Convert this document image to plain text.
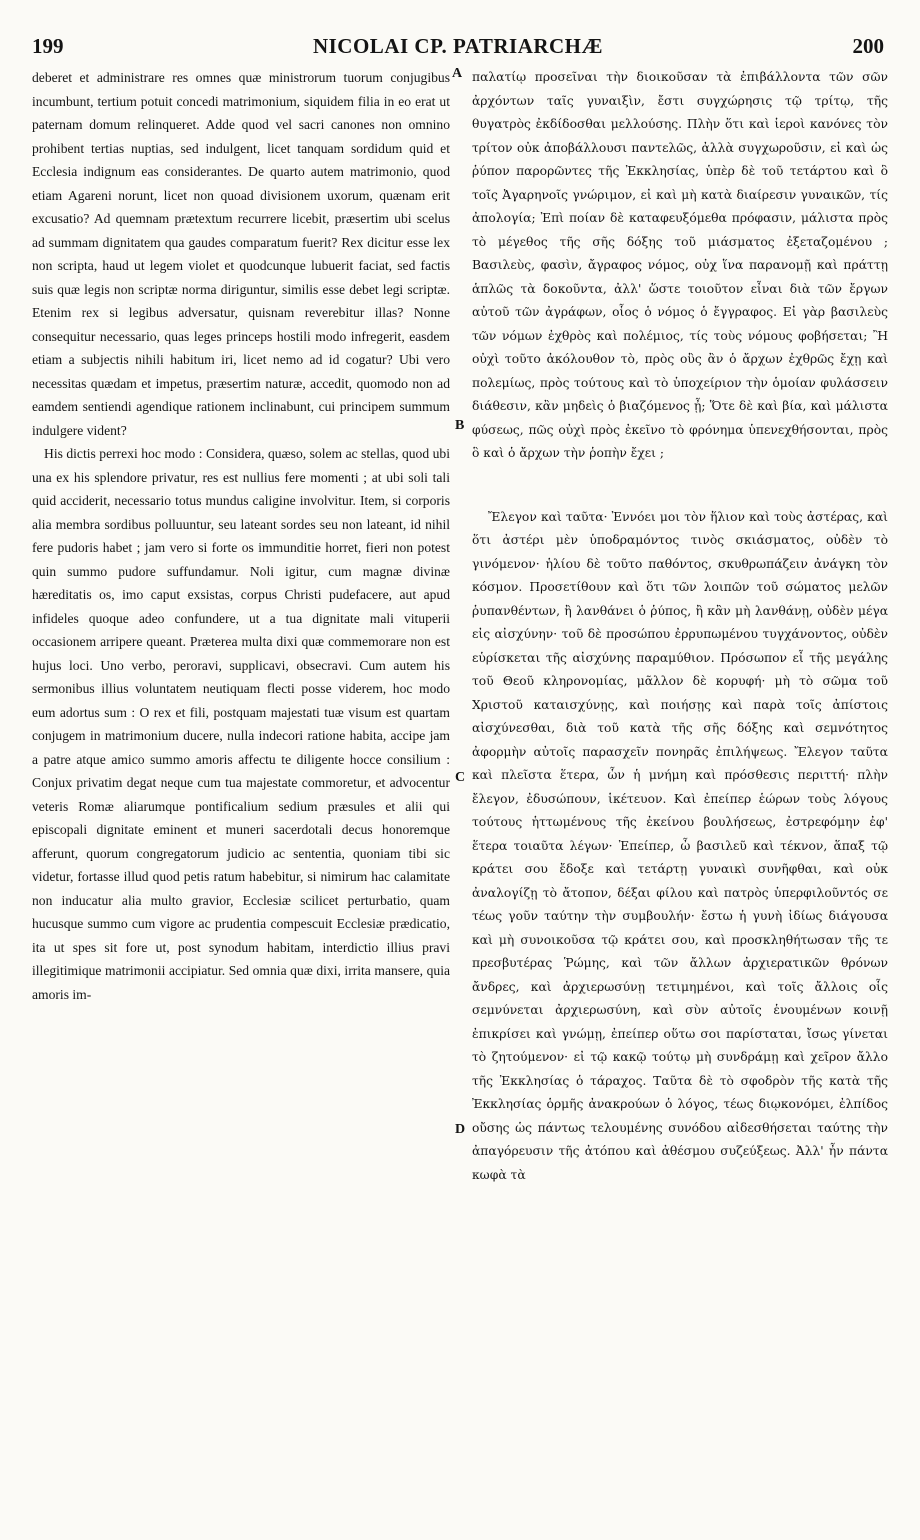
199	NICOLAI CP. PATRIARCHÆ	200

deberet et administrare res omnes quæ ministrorum tuorum conjugibus incumbunt, tertium potuit concedi matrimonium, siquidem filia in eo erat ut paternam domum relinqueret. Adde quod vel sacri canones non omnino prohibent tertias nuptias, sed indulgent, licet tanquam sordidum quid et Ecclesia indignum eas considerantes. De quarto autem matrimonio, quod etiam Agareni norunt, licet non quoad divisionem uxorum, quænam erit excusatio? Ad quemnam prætextum recurrere licebit, præsertim ubi scelus ad summam dignitatem qua gaudes comparatum fuerit? Rex dicitur esse lex non scripta, haud ut legem violet et quodcunque lubuerit faciat, sed factis suis quæ legis non scriptæ norma diriguntur, similis esse debet legi scriptæ. Etenim rex si legibus adversatur, quisnam reverebitur illas? Nonne consequitur necessario, quas leges princeps hostili modo infregerit, easdem etiam a subjectis nihili habitum iri, licet nemo ad id cogatur? Ubi vero necessitas quædam et impetus, præsertim naturæ, accedit, quomodo non ad eamdem sentiendi agendique rationem inclinabunt, cui principem summum indulgere vident?

His dictis perrexi hoc modo : Considera, quæso, solem ac stellas, quod ubi una ex his splendore privatur, res est nullius fere momenti ; at ubi soli tali quid acciderit, necessario totus mundus caligine involvitur. Item, si corporis alia membra sordibus polluuntur, seu lateant sordes seu non lateant, id nihil fere pudoris habet ; jam vero si forte os immunditie horret, fieri non potest quin summo pudore suffundamur. Noli igitur, cum magnæ divinæ hæreditatis os, imo caput exsistas, corpus Christi pudefacere, aut apud infideles quoque adeo confundere, ut a tua dignitate mali vituperii occasionem arripere queant. Præterea multa dixi quæ commemorare non est hujus loci. Uno verbo, peroravi, supplicavi, obsecravi. Cum autem his sermonibus illius voluntatem neutiquam flecti posse viderem, hoc modo eum adortus sum : O rex et fili, postquam majestati tuæ visum est quartam conjugem in matrimonium ducere, nulla indecori ratione habita, accipe jam a patre atque amico summo amoris affectu te diligente hocce consilium : Conjux privatim degat neque cum tua majestate commoretur, et advocentur veteris Romæ aliarumque pontificalium sedium præsules et alii qui episcopali dignitate eminent et muneri sacerdotali decus honoremque afferunt, quorum congregatorum judicio ac sententia, quoniam tibi sic videtur, fortasse illud quod petis ratum habebitur, si nimirum hac calamitate non inducatur alia multo gravior, Ecclesiæ scilicet perturbatio, quam hucusque summo cum vigore ac prudentia compescuit Ecclesiæ prædicatio, ita ut spes sit fore ut, post synodum habitam, interdictio illius pravi illegitimique matrimonii accipiatur. Sed omnia quæ dixi, irrita mansere, quia amoris im-

A
B
C
D

παλατίῳ προσεῖναι τὴν διοικοῦσαν τὰ ἐπιβάλλοντα τῶν σῶν ἀρχόντων ταῖς γυναιξὶν, ἔστι συγχώρησις τῷ τρίτῳ, τῆς θυγατρὸς ἐκδίδοσθαι μελλούσης. Πλὴν ὅτι καὶ ἱεροὶ κανόνες τὸν τρίτον οὐκ ἀποβάλλουσι παντελῶς, ἀλλὰ συγχωροῦσιν, εἰ καὶ ὡς ῥύπον παρορῶντες τῆς Ἐκκλησίας, ὑπὲρ δὲ τοῦ τετάρτου καὶ ὃ τοῖς Ἀγαρηνοῖς γνώριμον, εἰ καὶ μὴ κατὰ διαίρεσιν γυναικῶν, τίς ἀπολογία; Ἐπὶ ποίαν δὲ καταφευξόμεθα πρόφασιν, μάλιστα πρὸς τὸ μέγεθος τῆς σῆς δόξης τοῦ μιάσματος ἐξεταζομένου ; Βασιλεὺς, φασὶν, ἄγραφος νόμος, οὐχ ἵνα παρανομῇ καὶ πράττῃ ἁπλῶς τὰ δοκοῦντα, ἀλλ' ὥστε τοιοῦτον εἶναι διὰ τῶν ἔργων αὐτοῦ τῶν ἀγράφων, οἷος ὁ νόμος ὁ ἔγγραφος. Εἰ γὰρ βασιλεὺς τῶν νόμων ἐχθρὸς καὶ πολέμιος, τίς τοὺς νόμους φοβήσεται; Ἢ οὐχὶ τοῦτο ἀκόλουθον τὸ, πρὸς οὓς ἂν ὁ ἄρχων ἐχθρῶς ἔχῃ καὶ πολεμίως, πρὸς τούτους καὶ τὸ ὑποχείριον τὴν ὁμοίαν φυλάσσειν διάθεσιν, κἂν μηδεὶς ὁ βιαζόμενος ᾖ; Ὅτε δὲ καὶ βία, καὶ μάλιστα φύσεως, πῶς οὐχὶ πρὸς ἐκεῖνο τὸ φρόνημα ὑπενεχθήσονται, πρὸς ὃ καὶ ὁ ἄρχων τὴν ῥοπὴν ἔχει ;

Ἔλεγον καὶ ταῦτα· Ἐννόει μοι τὸν ἥλιον καὶ τοὺς ἀστέρας, καὶ ὅτι ἀστέρι μὲν ὑποδραμόντος τινὸς σκιάσματος, οὐδὲν τὸ γινόμενον· ἡλίου δὲ τοῦτο παθόντος, σκυθρωπάζειν ἀνάγκη τὸν κόσμον. Προσετίθουν καὶ ὅτι τῶν λοιπῶν τοῦ σώματος μελῶν ῥυπανθέντων, ἢ λανθάνει ὁ ῥύπος, ἢ κἂν μὴ λανθάνῃ, οὐδὲν μέγα εἰς αἰσχύνην· τοῦ δὲ προσώπου ἐρρυπωμένου τυγχάνοντος, οὐδὲν εὑρίσκεται τῆς αἰσχύνης παραμύθιον. Πρόσωπον εἶ τῆς μεγάλης τοῦ Θεοῦ κληρονομίας, μᾶλλον δὲ κορυφή· μὴ τὸ σῶμα τοῦ Χριστοῦ καταισχύνῃς, καὶ ποιήσῃς καὶ παρὰ τοῖς ἀπίστοις αἰσχύνεσθαι, διὰ τοῦ κατὰ τῆς σῆς δόξης καὶ σεμνότητος ἀφορμὴν αὐτοῖς παρασχεῖν πονηρᾶς ἐπιλήψεως. Ἔλεγον ταῦτα καὶ πλεῖστα ἕτερα, ὧν ἡ μνήμη καὶ πρόσθεσις περιττή· πλὴν ἔλεγον, ἐδυσώπουν, ἱκέτευον. Καὶ ἐπείπερ ἑώρων τοὺς λόγους τούτους ἡττωμένους τῆς ἐκείνου βουλήσεως, ἐστρεφόμην ἐφ' ἕτερα τοιαῦτα λέγων· Ἐπείπερ, ὦ βασιλεῦ καὶ τέκνον, ἅπαξ τῷ κράτει σου ἔδοξε καὶ τετάρτῃ γυναικὶ συνῆφθαι, καὶ οὐκ ἀναλογίζῃ τὸ ἄτοπον, δέξαι φίλου καὶ πατρὸς ὑπερφιλοῦντός σε τέως γοῦν ταύτην τὴν συμβουλήν· ἔστω ἡ γυνὴ ἰδίως διάγουσα καὶ μὴ συνοικοῦσα τῷ κράτει σου, καὶ προσκληθήτωσαν τῆς τε πρεσβυτέρας Ῥώμης, καὶ τῶν ἄλλων ἀρχιερατικῶν θρόνων ἄνδρες, καὶ ἀρχιερωσύνῃ τετιμημένοι, καὶ τοῖς ἄλλοις οἷς σεμνύνεται ἀρχιερωσύνη, καὶ σὺν αὐτοῖς ἑνουμένων κοινῇ ἐπικρίσει καὶ γνώμῃ, ἐπείπερ οὕτω σοι παρίσταται, ἴσως γίνεται τὸ ζητούμενον· εἰ τῷ κακῷ τούτῳ μὴ συνδράμῃ καὶ χεῖρον ἄλλο τῆς Ἐκκλησίας ὁ τάραχος. Ταῦτα δὲ τὸ σφοδρὸν τῆς κατὰ τῆς Ἐκκλησίας ὁρμῆς ἀνακρούων ὁ λόγος, τέως διῳκονόμει, ἐλπίδος οὔσης ὡς πάντως τελουμένης συνόδου αἰδεσθήσεται ταύτης τὴν ἀπαγόρευσιν τῆς ἀτόπου καὶ ἀθέσμου συζεύξεως. Ἀλλ' ἦν πάντα κωφὰ τὰ
